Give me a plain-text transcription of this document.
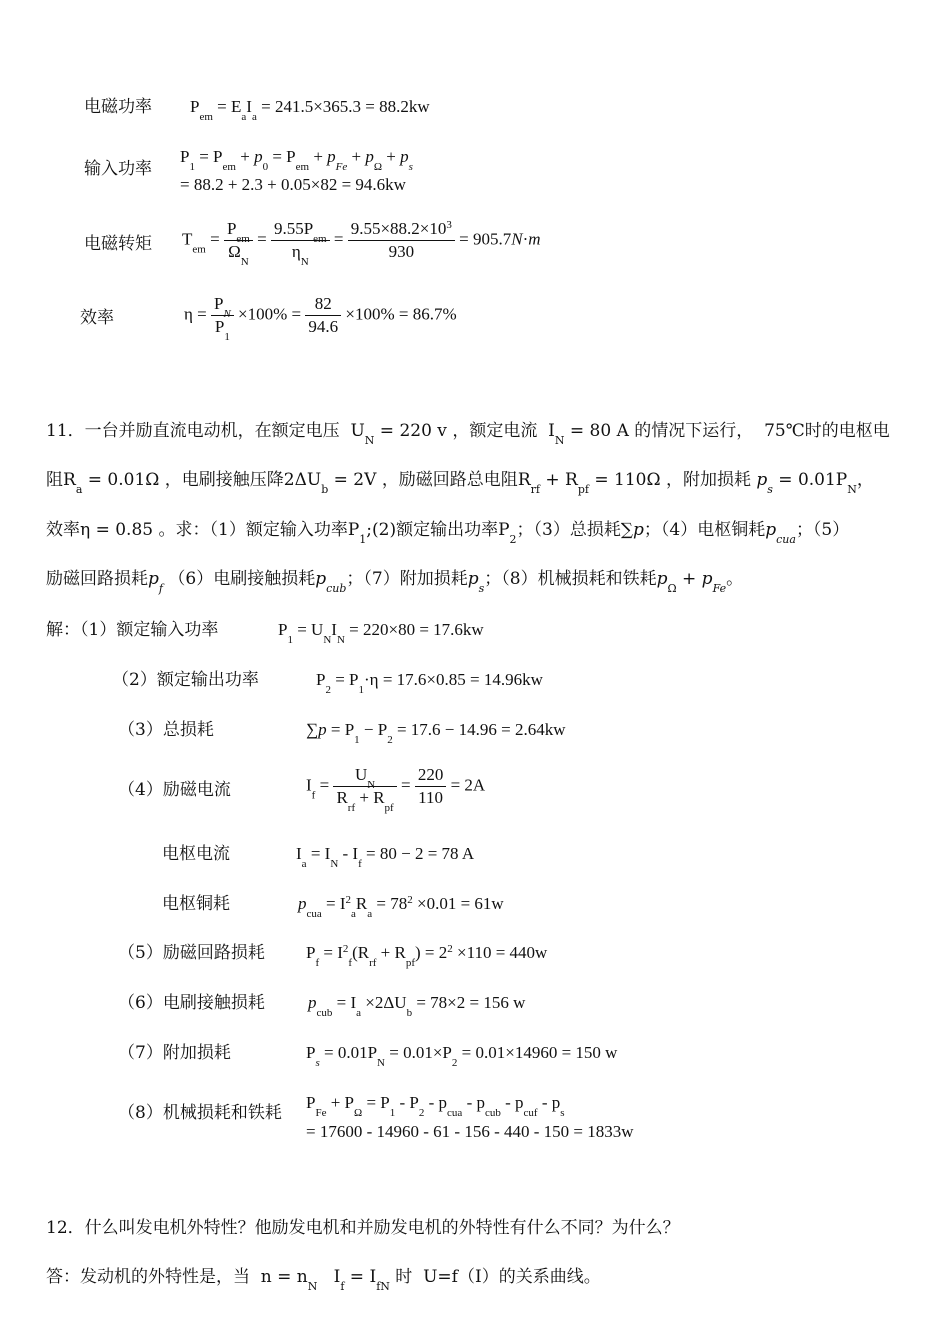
电磁功率 $P_{em} = E_aI_a = 241.5\times 365.3 = 88.2kw$
输入功率
$P_1 = P_{em} + p_0 = P_{em} + p_{Fe} + p_\Omega + p_s$
= 88.2 + 2.3 + 0.05×82 = 94.6kw
电磁转矩 $T_{em} = \frac{P_{em}}{\Omega_N} = \frac{9.55P_{em}}{\eta_N} = \frac{9.55\times 88.2\times 10^3}{930} = 905.7N\cdot m$
效率	$\eta = \frac{P_N}{P_1} \times 100\% = \frac{82}{94.6} \times 100\% = 86.7\%$
11．一台并励直流电动机，在额定电压  $U_N = 220$ v ，额定电流  $I_N = 80$ A 的情况下运行， 75℃时的电枢电
阻$R_a = 0.01\Omega$ ，电刷接触压降$2\Delta U_b = 2V$ ，励磁回路总电阻$R_{rf} + R_{pf} = 110\Omega$ ，附加损耗 $p_s = 0.01P_N$，
效率η = 0.85 。求：（1）额定输入功率$P_1;(2)$额定输出功率$P_2$；（3）总损耗∑p；（4）电枢铜耗$p_{cua}$；（5）
励磁回路损耗$p_f$ （6）电刷接触损耗$p_{cub}$；（7）附加损耗$p_s$；（8）机械损耗和铁耗$p_\Omega + p_{Fe}$。
解：（1）额定输入功率	$P_1 = U_NI_N = 220\times 80 = 17.6kw$
（2）额定输出功率	$P_2 = P_1\cdot\eta = 17.6\times 0.85 = 14.96kw$
（3）总损耗	$\sum p = P_1 - P_2 = 17.6 - 14.96 = 2.64kw$
（4）励磁电流	$I_f = \frac{U_N}{R_{rf} + R_{pf}} = \frac{220}{110} = 2A$
电枢电流	$I_a = I_N - I_f = 80 - 2 = 78$ A
电枢铜耗	$p_{cua} = I^2_aR_a = 78^2 \times 0.01 = 61w$
（5）励磁回路损耗 $P_f = I^2_f(R_{rf} + R_{pf}) = 2^2 \times 110 = 440w$
（6）电刷接触损耗	$p_{cub} = I_a \times 2\Delta U_b = 78\times 2 = 156$ w
（7）附加损耗	$P_s = 0.01P_N = 0.01\times P_2 = 0.01\times 14960 = 150$ w
（8）机械损耗和铁耗
$P_{Fe} + P_\Omega = P_1 - P_2 - p_{cua} - p_{cub} - p_{cuf} - p_s$
= 17600 - 14960 - 61 - 156 - 440 - 150 = 1833w
12．什么叫发电机外特性？他励发电机和并励发电机的外特性有什么不同？为什么？
答：发动机的外特性是，当  $n = n_N$   $I_f = I_{fN}$ 时 U=f（I）的关系曲线。
